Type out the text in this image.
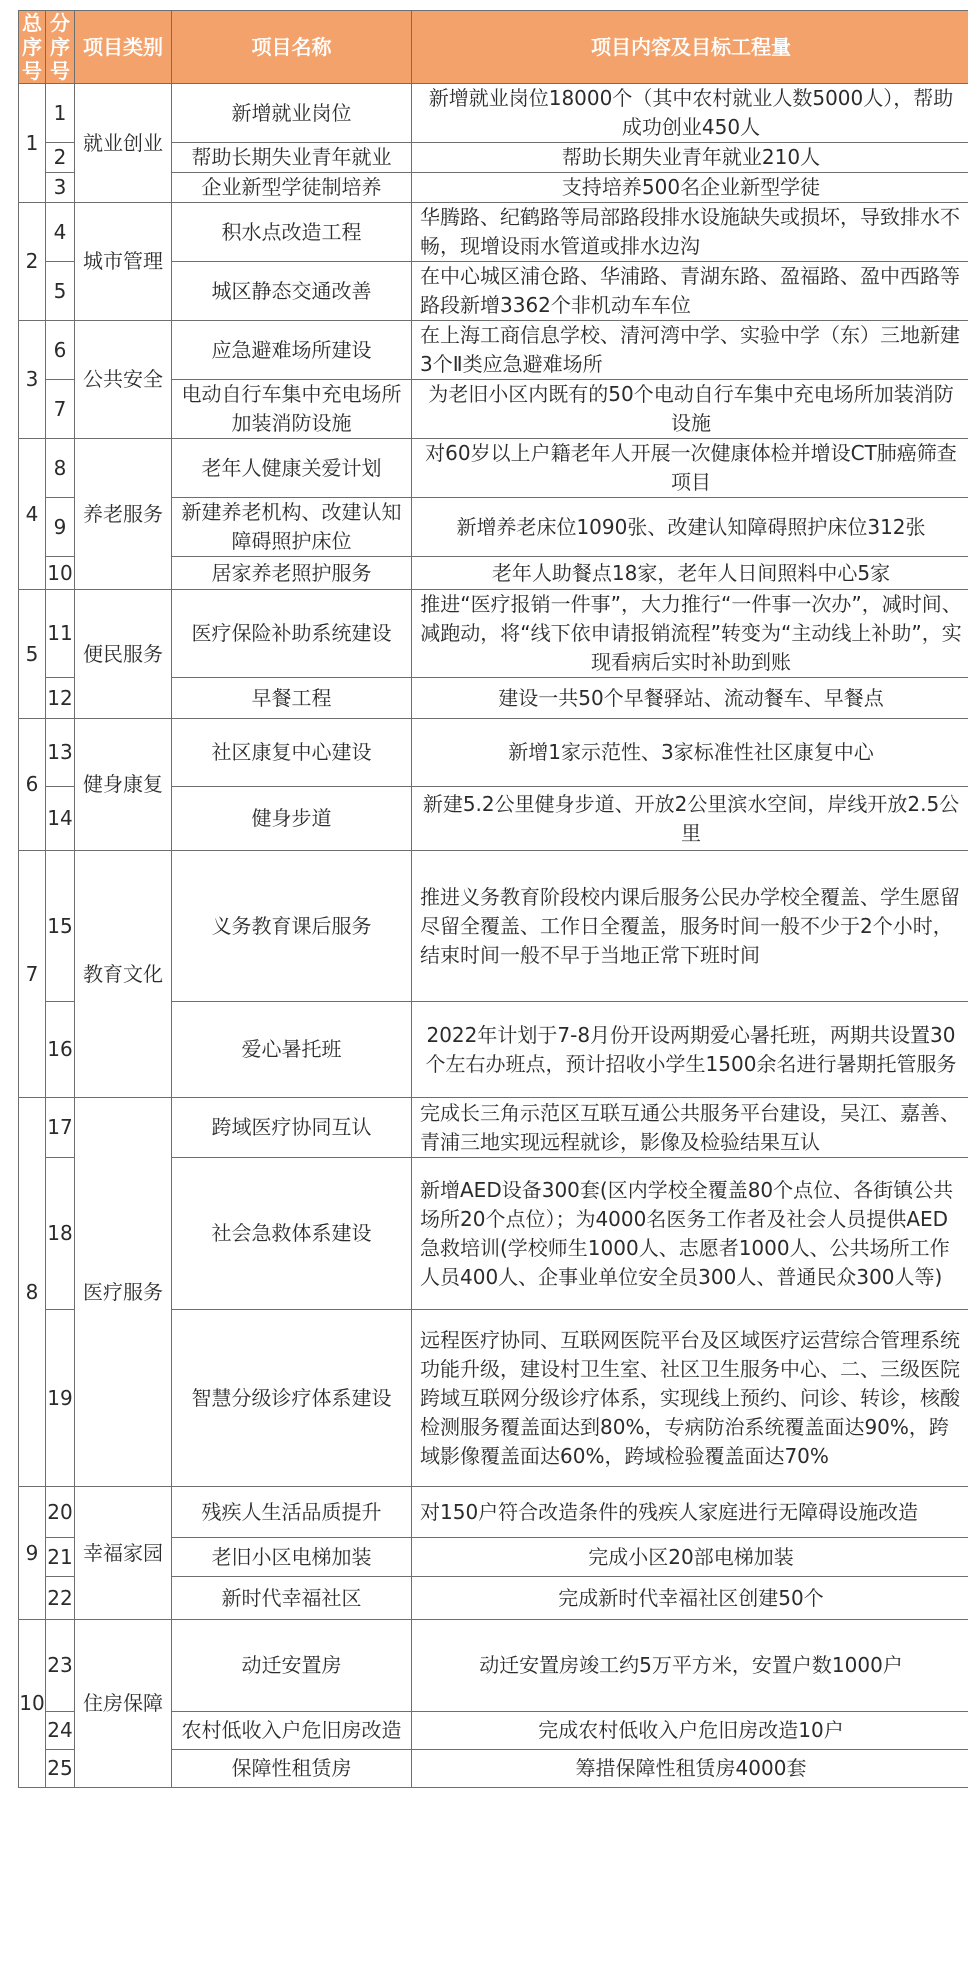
总序号	分序号	项目类别	项目名称	项目内容及目标工程量
1	1	就业创业	新增就业岗位	新增就业岗位18000个（其中农村就业人数5000人），帮助成功创业450人
	2		帮助长期失业青年就业	帮助长期失业青年就业210人
	3		企业新型学徒制培养	支持培养500名企业新型学徒
2	4	城市管理	积水点改造工程	华腾路、纪鹤路等局部路段排水设施缺失或损坏，导致排水不畅，现增设雨水管道或排水边沟
	5		城区静态交通改善	在中心城区浦仓路、华浦路、青湖东路、盈福路、盈中西路等路段新增3362个非机动车车位
3	6	公共安全	应急避难场所建设	在上海工商信息学校、清河湾中学、实验中学（东）三地新建3个Ⅱ类应急避难场所
	7		电动自行车集中充电场所加装消防设施	为老旧小区内既有的50个电动自行车集中充电场所加装消防设施
4	8	养老服务	老年人健康关爱计划	对60岁以上户籍老年人开展一次健康体检并增设CT肺癌筛查项目
	9		新建养老机构、改建认知障碍照护床位	新增养老床位1090张、改建认知障碍照护床位312张
	10		居家养老照护服务	老年人助餐点18家，老年人日间照料中心5家
5	11	便民服务	医疗保险补助系统建设	推进“医疗报销一件事”，大力推行“一件事一次办”，减时间、减跑动，将“线下依申请报销流程”转变为“主动线上补助”，实现看病后实时补助到账
	12		早餐工程	建设一共50个早餐驿站、流动餐车、早餐点
6	13	健身康复	社区康复中心建设	新增1家示范性、3家标准性社区康复中心
	14		健身步道	新建5.2公里健身步道、开放2公里滨水空间，岸线开放2.5公里
7	15	教育文化	义务教育课后服务	推进义务教育阶段校内课后服务公民办学校全覆盖、学生愿留尽留全覆盖、工作日全覆盖，服务时间一般不少于2个小时，结束时间一般不早于当地正常下班时间
	16		爱心暑托班	2022年计划于7-8月份开设两期爱心暑托班，两期共设置30个左右办班点，预计招收小学生1500余名进行暑期托管服务
8	17	医疗服务	跨域医疗协同互认	完成长三角示范区互联互通公共服务平台建设，吴江、嘉善、青浦三地实现远程就诊，影像及检验结果互认
	18		社会急救体系建设	新增AED设备300套(区内学校全覆盖80个点位、各街镇公共场所20个点位）；为4000名医务工作者及社会人员提供AED急救培训(学校师生1000人、志愿者1000人、公共场所工作人员400人、企事业单位安全员300人、普通民众300人等)
	19		智慧分级诊疗体系建设	远程医疗协同、互联网医院平台及区域医疗运营综合管理系统功能升级，建设村卫生室、社区卫生服务中心、二、三级医院跨域互联网分级诊疗体系，实现线上预约、问诊、转诊，核酸检测服务覆盖面达到80%，专病防治系统覆盖面达90%，跨域影像覆盖面达60%，跨域检验覆盖面达70%
9	20	幸福家园	残疾人生活品质提升	对150户符合改造条件的残疾人家庭进行无障碍设施改造
	21		老旧小区电梯加装	完成小区20部电梯加装
	22		新时代幸福社区	完成新时代幸福社区创建50个
10	23	住房保障	动迁安置房	动迁安置房竣工约5万平方米，安置户数1000户
	24		农村低收入户危旧房改造	完成农村低收入户危旧房改造10户
	25		保障性租赁房	筹措保障性租赁房4000套
